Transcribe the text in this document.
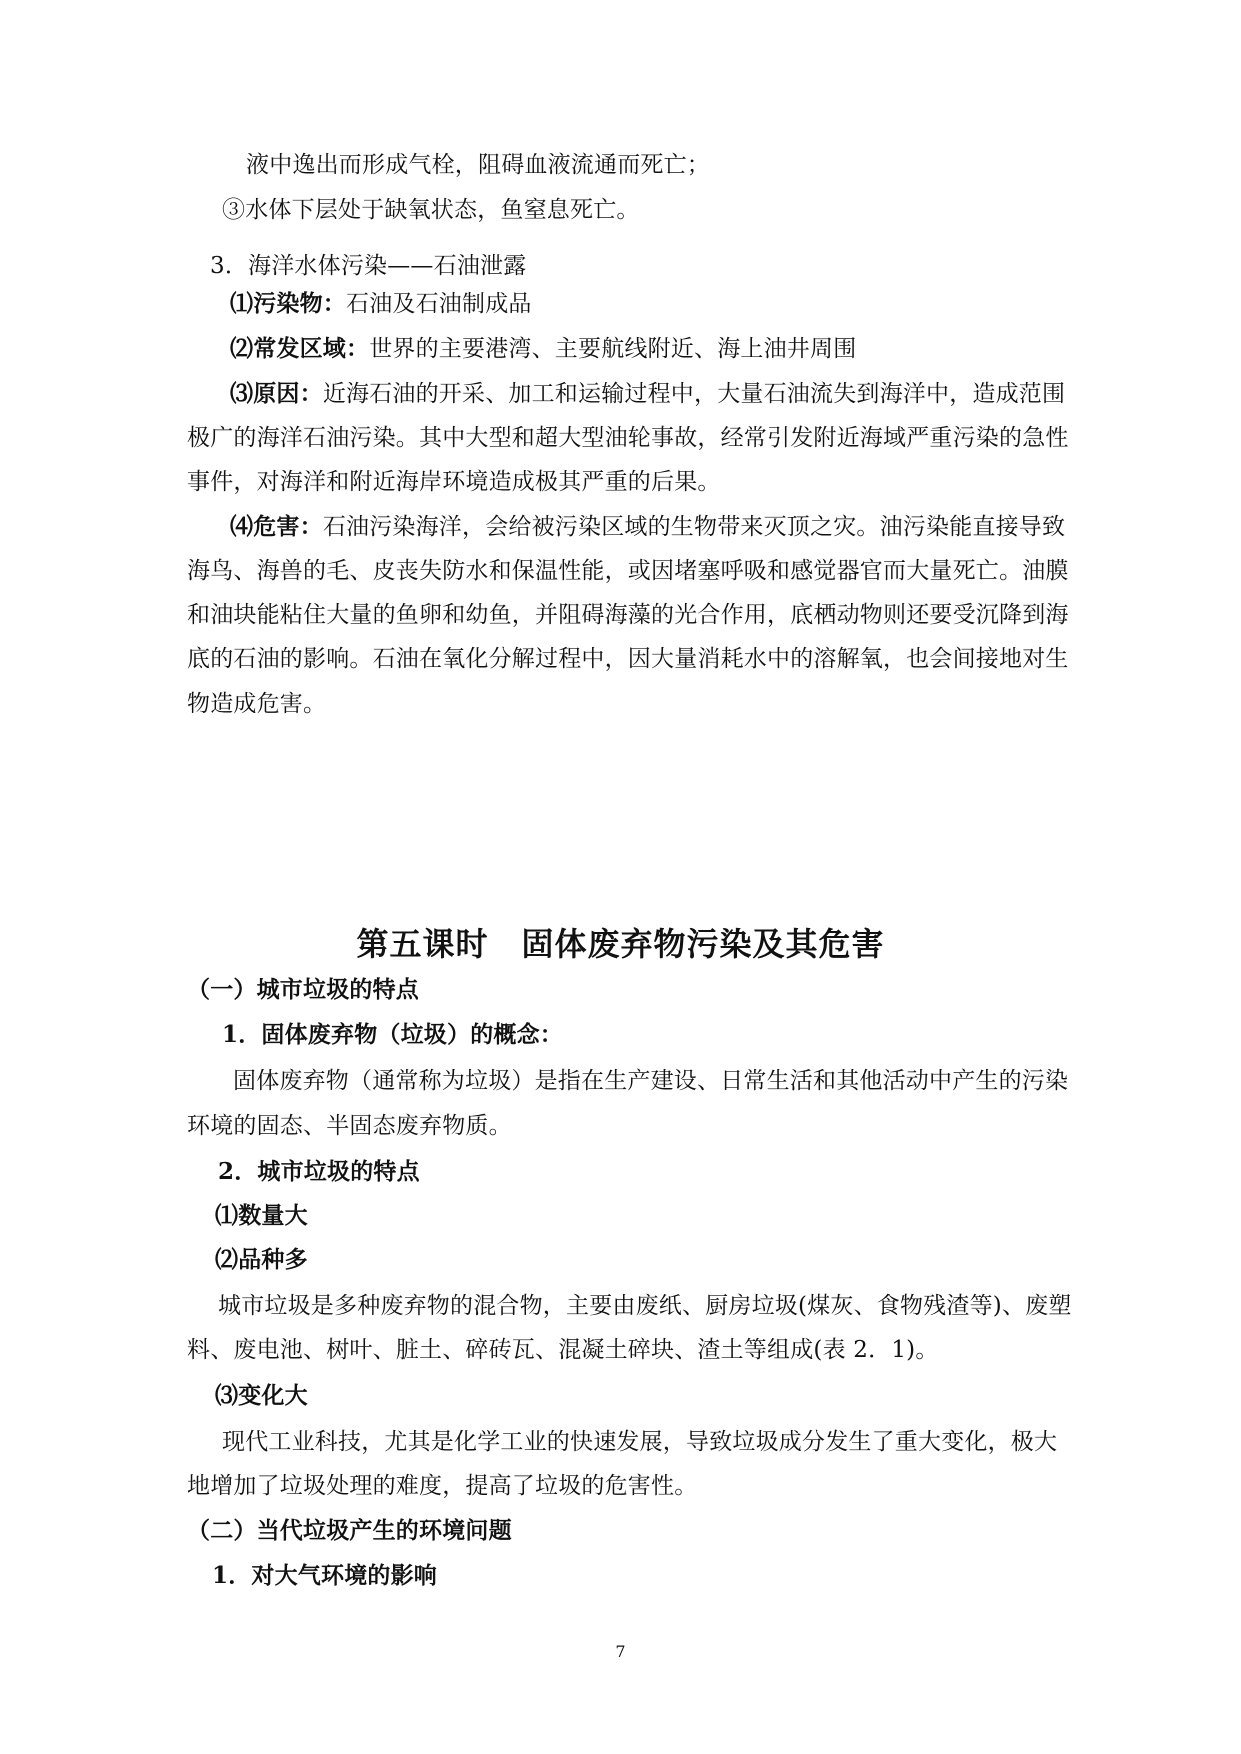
液中逸出而形成气栓，阻碍血液流通而死亡；
③水体下层处于缺氧状态，鱼窒息死亡。
3．海洋水体污染——石油泄露
⑴污染物：石油及石油制成品
⑵常发区域：世界的主要港湾、主要航线附近、海上油井周围
⑶原因：近海石油的开采、加工和运输过程中，大量石油流失到海洋中，造成范围
极广的海洋石油污染。其中大型和超大型油轮事故，经常引发附近海域严重污染的急性
事件，对海洋和附近海岸环境造成极其严重的后果。
⑷危害：石油污染海洋，会给被污染区域的生物带来灭顶之灾。油污染能直接导致
海鸟、海兽的毛、皮丧失防水和保温性能，或因堵塞呼吸和感觉器官而大量死亡。油膜
和油块能粘住大量的鱼卵和幼鱼，并阻碍海藻的光合作用，底栖动物则还要受沉降到海
底的石油的影响。石油在氧化分解过程中，因大量消耗水中的溶解氧，也会间接地对生
物造成危害。
第五课时　固体废弃物污染及其危害
（一）城市垃圾的特点
1．固体废弃物（垃圾）的概念：
固体废弃物（通常称为垃圾）是指在生产建设、日常生活和其他活动中产生的污染
环境的固态、半固态废弃物质。
2．城市垃圾的特点
⑴数量大
⑵品种多
城市垃圾是多种废弃物的混合物，主要由废纸、厨房垃圾(煤灰、食物残渣等)、废塑
料、废电池、树叶、脏土、碎砖瓦、混凝土碎块、渣土等组成(表 2．1)。
⑶变化大
现代工业科技，尤其是化学工业的快速发展，导致垃圾成分发生了重大变化，极大
地增加了垃圾处理的难度，提高了垃圾的危害性。
（二）当代垃圾产生的环境问题
1．对大气环境的影响
7
